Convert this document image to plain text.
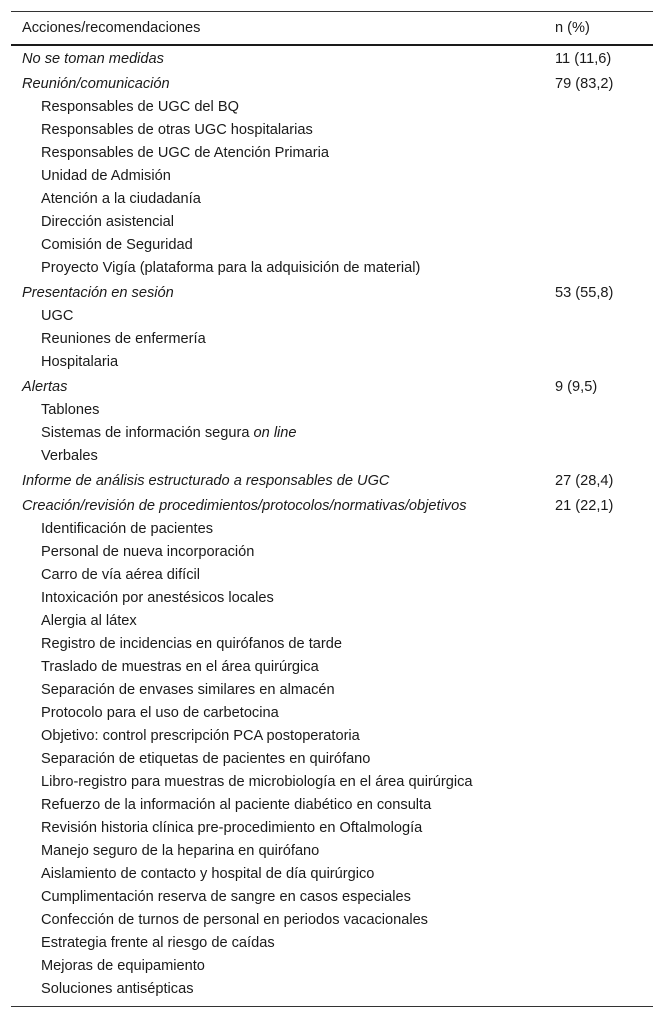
Acciones/recomendaciones	n (%)
No se toman medidas	11 (11,6)
Reunión/comunicación	79 (83,2)
Responsables de UGC del BQ
Responsables de otras UGC hospitalarias
Responsables de UGC de Atención Primaria
Unidad de Admisión
Atención a la ciudadanía
Dirección asistencial
Comisión de Seguridad
Proyecto Vigía (plataforma para la adquisición de material)
Presentación en sesión	53 (55,8)
UGC
Reuniones de enfermería
Hospitalaria
Alertas	9 (9,5)
Tablones
Sistemas de información segura on line
Verbales
Informe de análisis estructurado a responsables de UGC	27 (28,4)
Creación/revisión de procedimientos/protocolos/normativas/objetivos	21 (22,1)
Identificación de pacientes
Personal de nueva incorporación
Carro de vía aérea difícil
Intoxicación por anestésicos locales
Alergia al látex
Registro de incidencias en quirófanos de tarde
Traslado de muestras en el área quirúrgica
Separación de envases similares en almacén
Protocolo para el uso de carbetocina
Objetivo: control prescripción PCA postoperatoria
Separación de etiquetas de pacientes en quirófano
Libro-registro para muestras de microbiología en el área quirúrgica
Refuerzo de la información al paciente diabético en consulta
Revisión historia clínica pre-procedimiento en Oftalmología
Manejo seguro de la heparina en quirófano
Aislamiento de contacto y hospital de día quirúrgico
Cumplimentación reserva de sangre en casos especiales
Confección de turnos de personal en periodos vacacionales
Estrategia frente al riesgo de caídas
Mejoras de equipamiento
Soluciones antisépticas
